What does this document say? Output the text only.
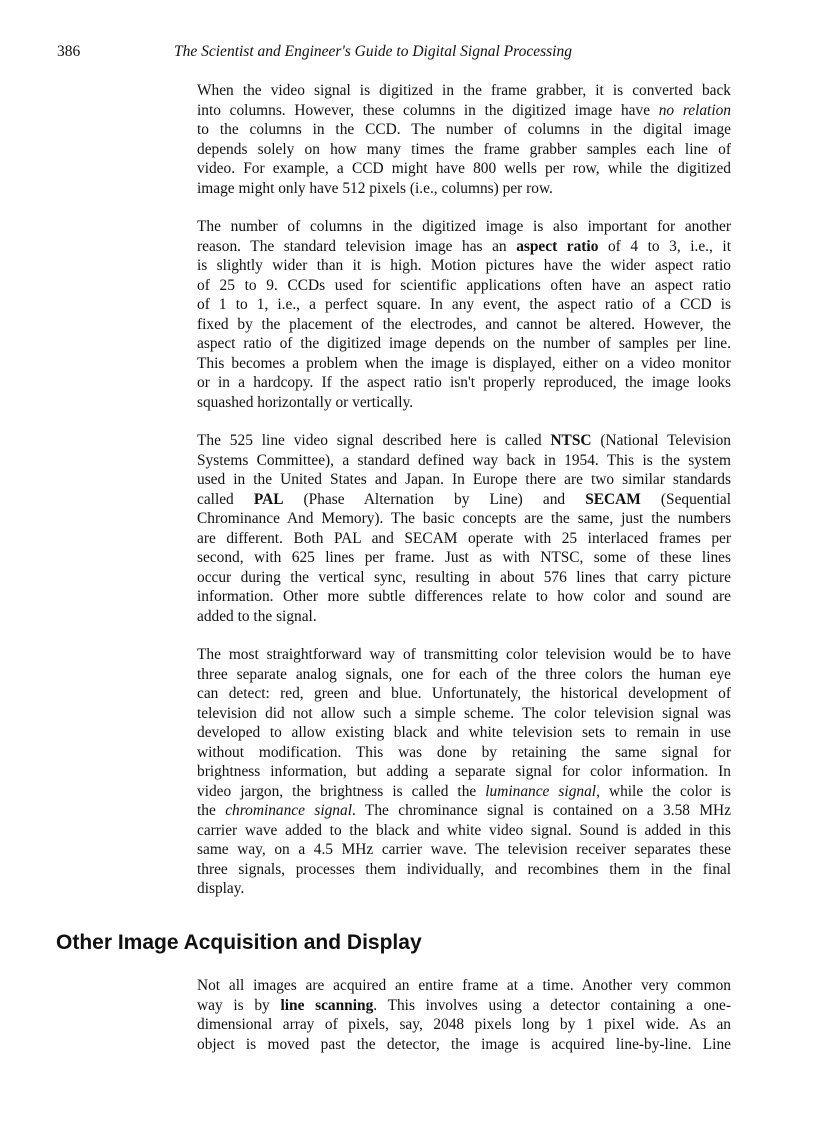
386	The Scientist and Engineer's Guide to Digital Signal Processing
When the video signal is digitized in the frame grabber, it is converted back
into columns. However, these columns in the digitized image have no relation
to the columns in the CCD. The number of columns in the digital image
depends solely on how many times the frame grabber samples each line of
video. For example, a CCD might have 800 wells per row, while the digitized
image might only have 512 pixels (i.e., columns) per row.
The number of columns in the digitized image is also important for another
reason. The standard television image has an aspect ratio of 4 to 3, i.e., it
is slightly wider than it is high. Motion pictures have the wider aspect ratio
of 25 to 9. CCDs used for scientific applications often have an aspect ratio
of 1 to 1, i.e., a perfect square. In any event, the aspect ratio of a CCD is
fixed by the placement of the electrodes, and cannot be altered. However, the
aspect ratio of the digitized image depends on the number of samples per line.
This becomes a problem when the image is displayed, either on a video monitor
or in a hardcopy. If the aspect ratio isn't properly reproduced, the image looks
squashed horizontally or vertically.
The 525 line video signal described here is called NTSC (National Television
Systems Committee), a standard defined way back in 1954. This is the system
used in the United States and Japan. In Europe there are two similar standards
called PAL (Phase Alternation by Line) and SECAM (Sequential
Chrominance And Memory). The basic concepts are the same, just the numbers
are different. Both PAL and SECAM operate with 25 interlaced frames per
second, with 625 lines per frame. Just as with NTSC, some of these lines
occur during the vertical sync, resulting in about 576 lines that carry picture
information. Other more subtle differences relate to how color and sound are
added to the signal.
The most straightforward way of transmitting color television would be to have
three separate analog signals, one for each of the three colors the human eye
can detect: red, green and blue. Unfortunately, the historical development of
television did not allow such a simple scheme. The color television signal was
developed to allow existing black and white television sets to remain in use
without modification. This was done by retaining the same signal for
brightness information, but adding a separate signal for color information. In
video jargon, the brightness is called the luminance signal, while the color is
the chrominance signal. The chrominance signal is contained on a 3.58 MHz
carrier wave added to the black and white video signal. Sound is added in this
same way, on a 4.5 MHz carrier wave. The television receiver separates these
three signals, processes them individually, and recombines them in the final
display.
Other Image Acquisition and Display
Not all images are acquired an entire frame at a time. Another very common
way is by line scanning. This involves using a detector containing a one-
dimensional array of pixels, say, 2048 pixels long by 1 pixel wide. As an
object is moved past the detector, the image is acquired line-by-line. Line
